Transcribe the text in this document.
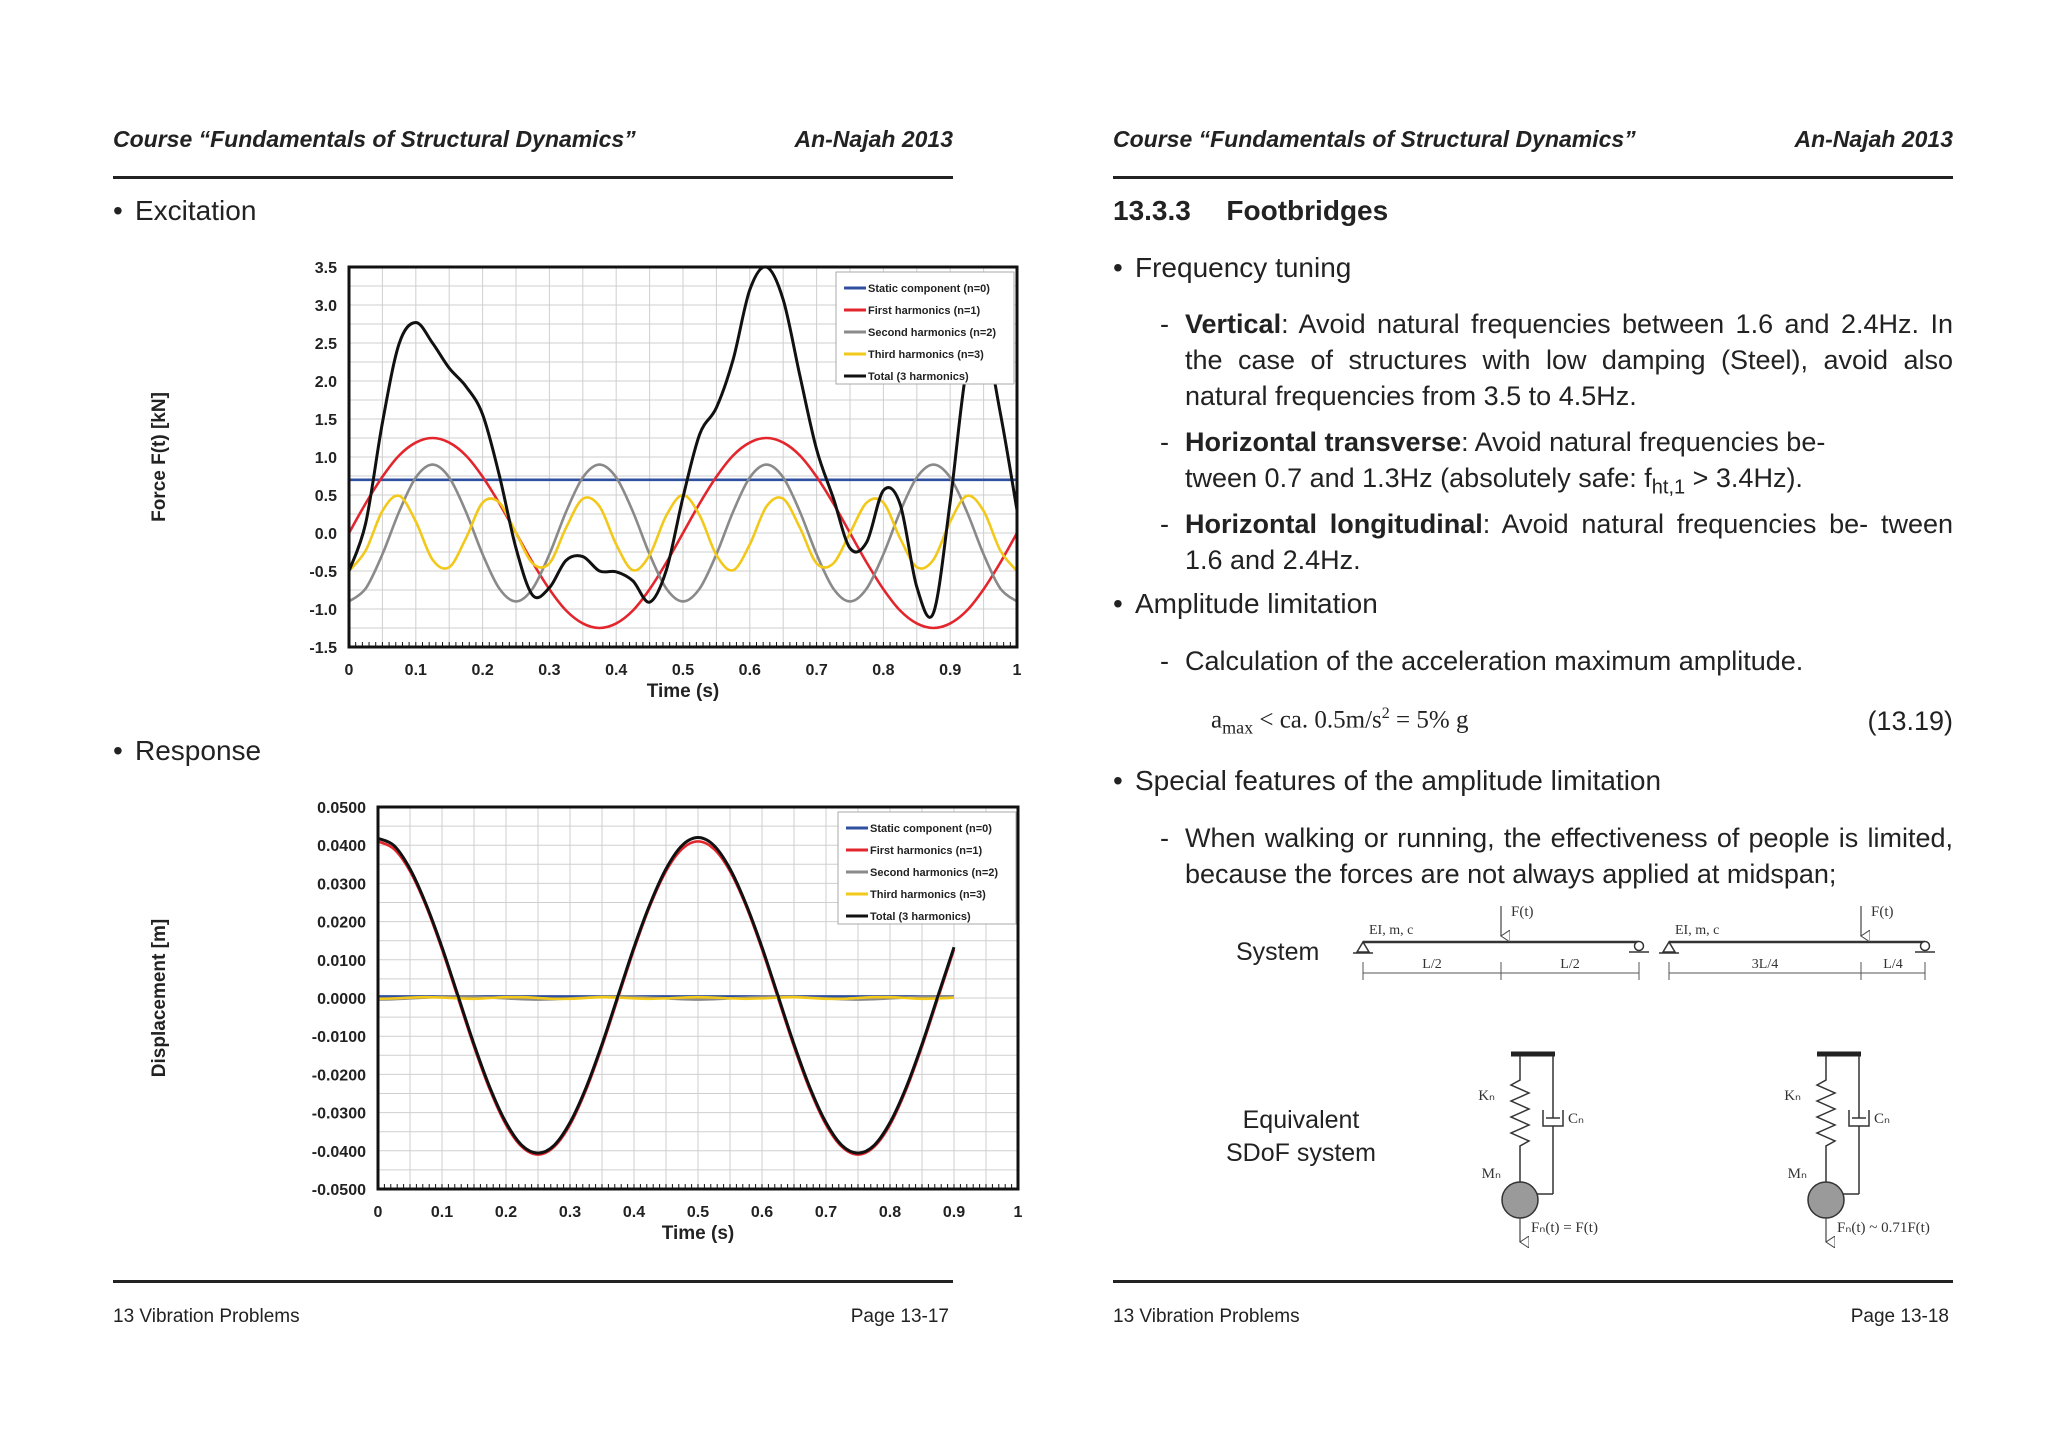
Course “Fundamentals of Structural Dynamics”	An-Najah 2013
• Excitation
0	0.1	0.2	0.3	0.4	0.5	0.6	0.7	0.8	0.9	1
3.5
3.0
2.5
2.0
1.5
1.0
0.5
0.0
-0.5
-1.0
-1.5
Time (s)
Force F(t) [kN]
Static component (n=0)
First harmonics (n=1)
Second harmonics (n=2)
Third harmonics (n=3)
Total (3 harmonics)
• Response
0	0.1	0.2	0.3	0.4	0.5	0.6	0.7	0.8	0.9	1
0.0500
0.0400
0.0300
0.0200
0.0100
0.0000
-0.0100
-0.0200
-0.0300
-0.0400
-0.0500
Time (s)
Displacement [m]
Static component (n=0)
First harmonics (n=1)
Second harmonics (n=2)
Third harmonics (n=3)
Total (3 harmonics)
13 Vibration Problems	Page 13-17
Course “Fundamentals of Structural Dynamics”	An-Najah 2013
13.3.3 Footbridges
• Frequency tuning
- Vertical: Avoid natural frequencies between 1.6 and 2.4Hz. In the case of structures with low damping (Steel), avoid also natural frequencies from 3.5 to 4.5Hz.
- Horizontal transverse: Avoid natural frequencies be-
tween 0.7 and 1.3Hz (absolutely safe: $f_{ht,1} > 3.4Hz$).
- Horizontal longitudinal: Avoid natural frequencies be- tween 1.6 and 2.4Hz.
• Amplitude limitation
- Calculation of the acceleration maximum amplitude.
$a_{max}$ < ca. $0.5m/s^2 = 5\%$ g	(13.19)
• Special features of the amplitude limitation
- When walking or running, the effectiveness of people is limited, because the forces are not always applied at midspan;
System
Equivalent
SDoF system
F(t)
EI, m, c
L/2	L/2
F(t)
EI, m, c
3L/4	L/4
Kₙ
Cₙ
Mₙ
Fₙ(t) = F(t)
Kₙ
Cₙ
Mₙ
Fₙ(t) ~ 0.71F(t)
13 Vibration Problems	Page 13-18
